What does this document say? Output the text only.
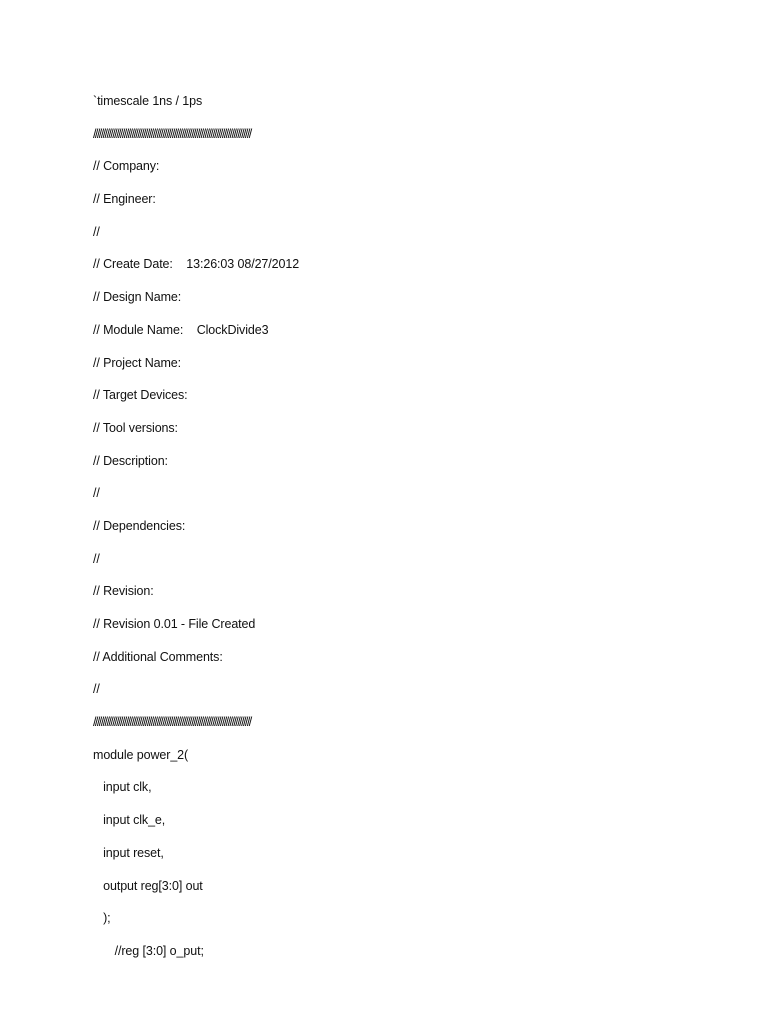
`timescale 1ns / 1ps
//////////////////////////////////////////////////////////////////////////////////
// Company:
// Engineer:
//
// Create Date:    13:26:03 08/27/2012
// Design Name:
// Module Name:    ClockDivide3
// Project Name:
// Target Devices:
// Tool versions:
// Description:
//
// Dependencies:
//
// Revision:
// Revision 0.01 - File Created
// Additional Comments:
//
//////////////////////////////////////////////////////////////////////////////////
module power_2(
input clk,
input clk_e,
input reset,
output reg[3:0] out
);
		//reg [3:0] o_put;
